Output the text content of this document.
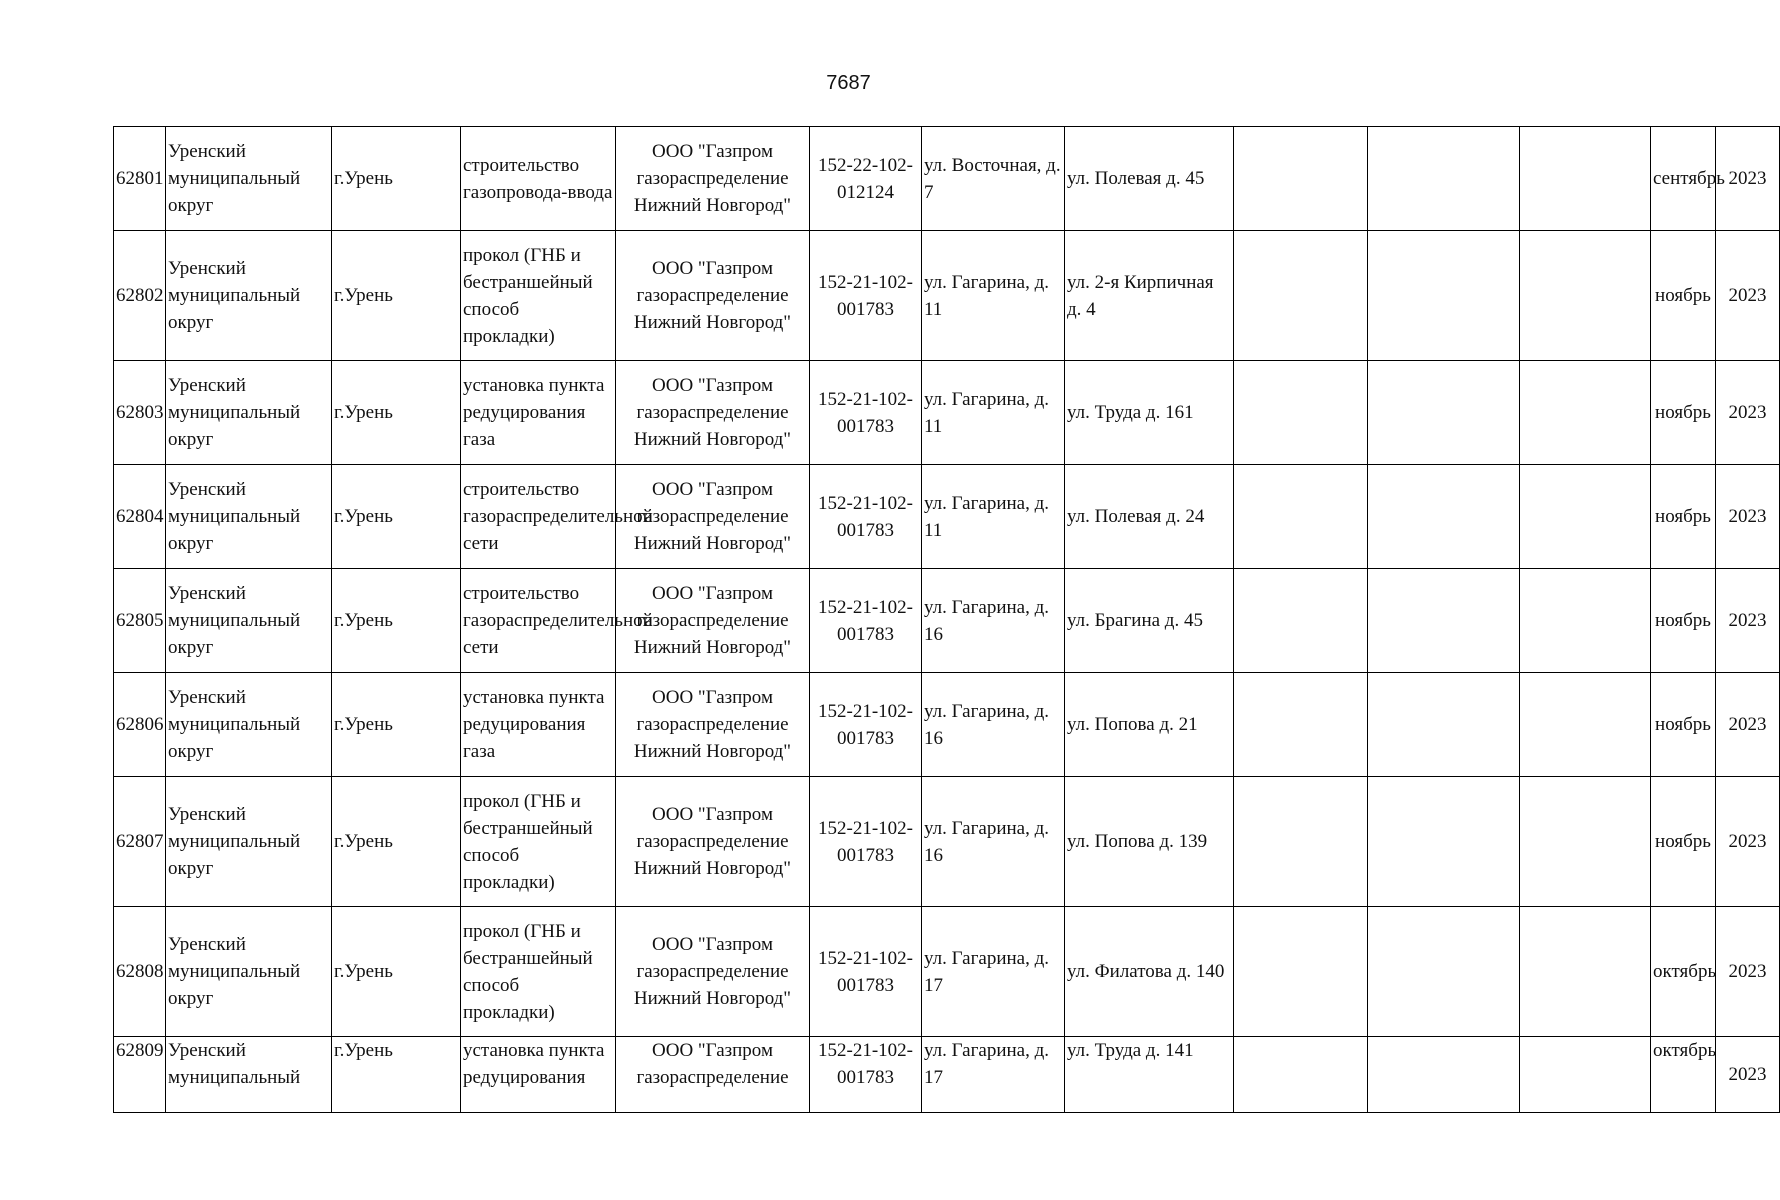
7687
62801	Уренский муниципальный округ	г.Урень	строительство газопровода-ввода	ООО "Газпром газораспределение Нижний Новгород"	152-22-102-012124	ул. Восточная, д. 7	ул. Полевая д. 45				сентябрь	2023
62802	Уренский муниципальный округ	г.Урень	прокол (ГНБ и бестраншейный способ прокладки)	ООО "Газпром газораспределение Нижний Новгород"	152-21-102-001783	ул. Гагарина, д. 11	ул. 2-я Кирпичная д. 4				ноябрь	2023
62803	Уренский муниципальный округ	г.Урень	установка пункта редуцирования газа	ООО "Газпром газораспределение Нижний Новгород"	152-21-102-001783	ул. Гагарина, д. 11	ул. Труда д. 161				ноябрь	2023
62804	Уренский муниципальный округ	г.Урень	строительство газораспределительной сети	ООО "Газпром газораспределение Нижний Новгород"	152-21-102-001783	ул. Гагарина, д. 11	ул. Полевая д. 24				ноябрь	2023
62805	Уренский муниципальный округ	г.Урень	строительство газораспределительной сети	ООО "Газпром газораспределение Нижний Новгород"	152-21-102-001783	ул. Гагарина, д. 16	ул. Брагина д. 45				ноябрь	2023
62806	Уренский муниципальный округ	г.Урень	установка пункта редуцирования газа	ООО "Газпром газораспределение Нижний Новгород"	152-21-102-001783	ул. Гагарина, д. 16	ул. Попова д. 21				ноябрь	2023
62807	Уренский муниципальный округ	г.Урень	прокол (ГНБ и бестраншейный способ прокладки)	ООО "Газпром газораспределение Нижний Новгород"	152-21-102-001783	ул. Гагарина, д. 16	ул. Попова д. 139				ноябрь	2023
62808	Уренский муниципальный округ	г.Урень	прокол (ГНБ и бестраншейный способ прокладки)	ООО "Газпром газораспределение Нижний Новгород"	152-21-102-001783	ул. Гагарина, д. 17	ул. Филатова д. 140				октябрь	2023
62809	Уренский муниципальный	г.Урень	установка пункта редуцирования	ООО "Газпром газораспределение	152-21-102-001783	ул. Гагарина, д. 17	ул. Труда д. 141				октябрь	2023
